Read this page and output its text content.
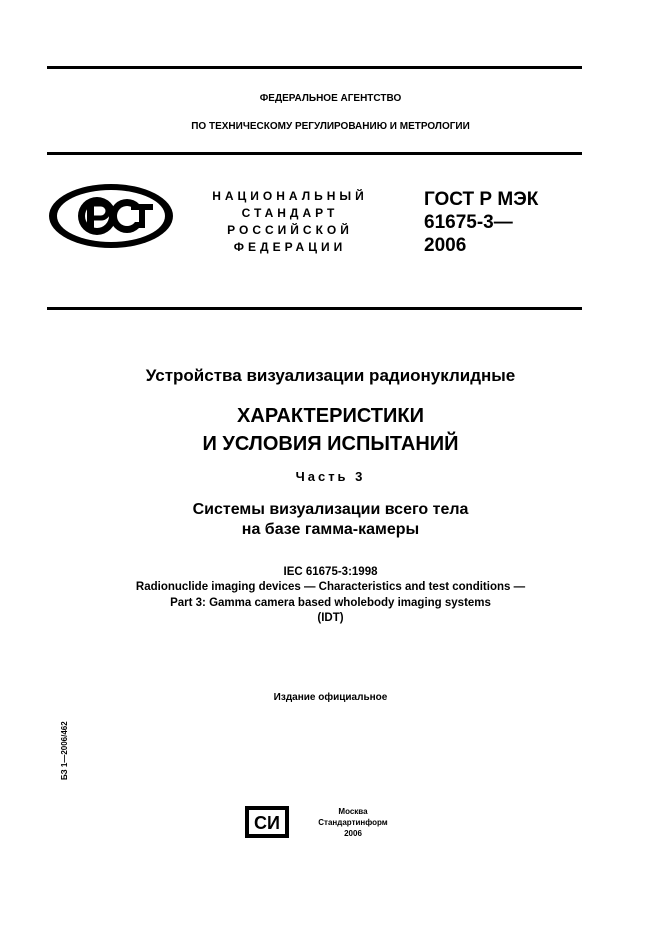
ФЕДЕРАЛЬНОЕ АГЕНТСТВО
ПО ТЕХНИЧЕСКОМУ РЕГУЛИРОВАНИЮ И МЕТРОЛОГИИ
НАЦИОНАЛЬНЫЙ
СТАНДАРТ
РОССИЙСКОЙ
ФЕДЕРАЦИИ
ГОСТ Р МЭК
61675-3—
2006
Устройства визуализации радионуклидные
ХАРАКТЕРИСТИКИ
И УСЛОВИЯ ИСПЫТАНИЙ
Часть 3
Системы визуализации всего тела
на базе гамма-камеры
IEC 61675-3:1998
Radionuclide imaging devices — Characteristics and test conditions —
Part 3: Gamma camera based wholebody imaging systems
(IDT)
Издание официальное
БЗ 1—2006/462
СИ
Москва
Стандартинформ
2006
